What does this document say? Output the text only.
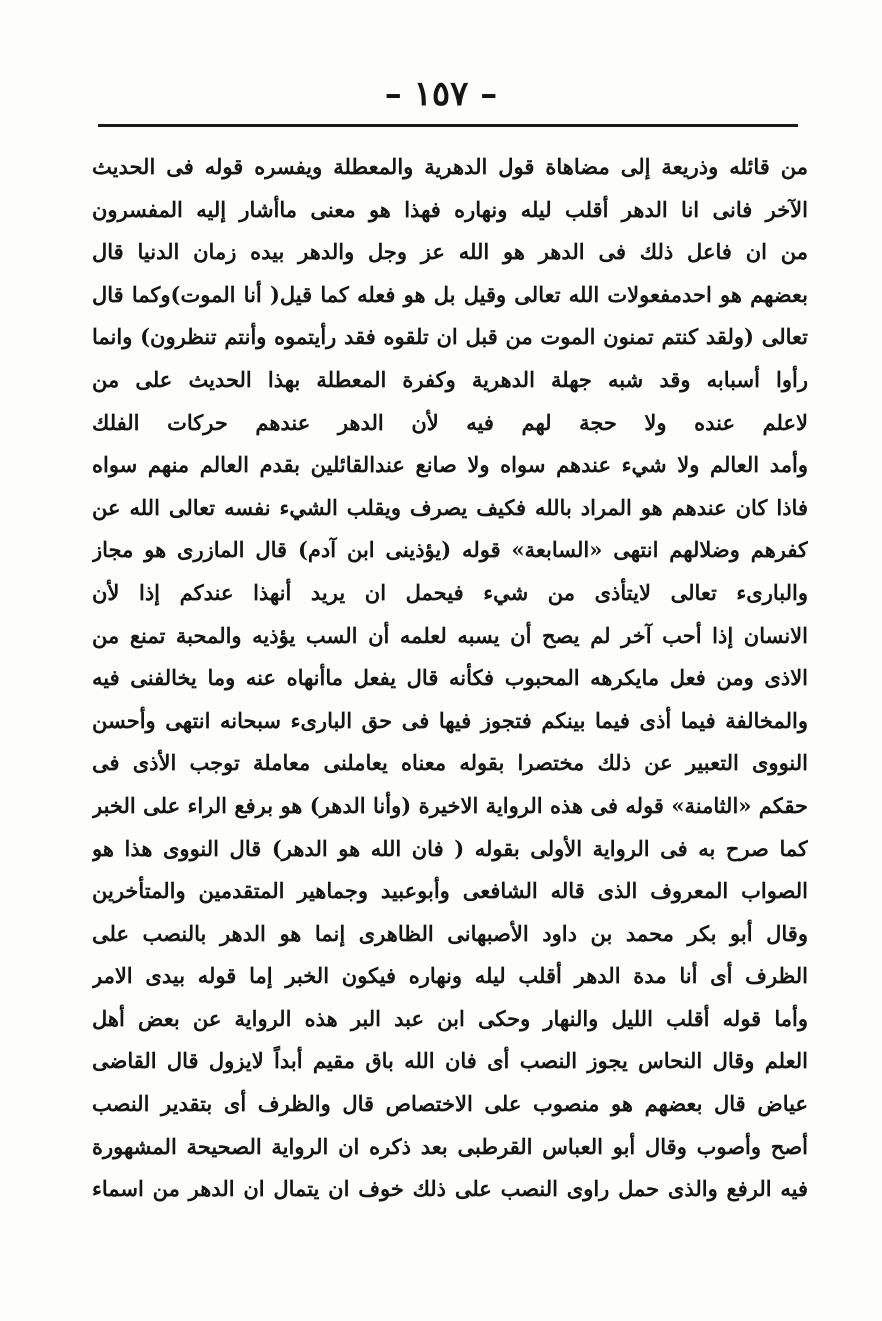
– ١٥٧ –
من قائله وذريعة إلى مضاهاة قول الدهرية والمعطلة ويفسره قوله فى الحديث
الآخر فانى انا الدهر أقلب ليله ونهاره فهذا هو معنى ماأشار إليه المفسرون
من ان فاعل ذلك فى الدهر هو الله عز وجل والدهر بيده زمان الدنيا قال
بعضهم هو احدمفعولات الله تعالى وقيل بل هو فعله كما قيل( أنا الموت)وكما قال
تعالى (ولقد كنتم تمنون الموت من قبل ان تلقوه فقد رأيتموه وأنتم تنظرون) وانما
رأوا أسبابه وقد شبه جهلة الدهرية وكفرة المعطلة بهذا الحديث على من
لاعلم عنده ولا حجة لهم فيه لأن الدهر عندهم حركات الفلك
وأمد العالم ولا شيء عندهم سواه ولا صانع عندالقائلين بقدم العالم منهم سواه
فاذا كان عندهم هو المراد بالله فكيف يصرف ويقلب الشيء نفسه تعالى الله عن
كفرهم وضلالهم انتهى «السابعة» قوله (يؤذينى ابن آدم) قال المازرى هو مجاز
والبارىء تعالى لايتأذى من شيء فيحمل ان يريد أنهذا عندكم إذا لأن
الانسان إذا أحب آخر لم يصح أن يسبه لعلمه أن السب يؤذيه والمحبة تمنع من
الاذى ومن فعل مايكرهه المحبوب فكأنه قال يفعل ماأنهاه عنه وما يخالفنى فيه
والمخالفة فيما أذى فيما بينكم فتجوز فيها فى حق البارىء سبحانه انتهى وأحسن
النووى التعبير عن ذلك مختصرا بقوله معناه يعاملنى معاملة توجب الأذى فى
حقكم «الثامنة» قوله فى هذه الرواية الاخيرة (وأنا الدهر) هو برفع الراء على الخبر
كما صرح به فى الرواية الأولى بقوله ( فان الله هو الدهر) قال النووى هذا هو
الصواب المعروف الذى قاله الشافعى وأبوعبيد وجماهير المتقدمين والمتأخرين
وقال أبو بكر محمد بن داود الأصبهانى الظاهرى إنما هو الدهر بالنصب على
الظرف أى أنا مدة الدهر أقلب ليله ونهاره فيكون الخبر إما قوله بيدى الامر
وأما قوله أقلب الليل والنهار وحكى ابن عبد البر هذه الرواية عن بعض أهل
العلم وقال النحاس يجوز النصب أى فان الله باق مقيم أبداً لايزول قال القاضى
عياض قال بعضهم هو منصوب على الاختصاص قال والظرف أى بتقدير النصب
أصح وأصوب وقال أبو العباس القرطبى بعد ذكره ان الرواية الصحيحة المشهورة
فيه الرفع والذى حمل راوى النصب على ذلك خوف ان يتمال ان الدهر من اسماء
